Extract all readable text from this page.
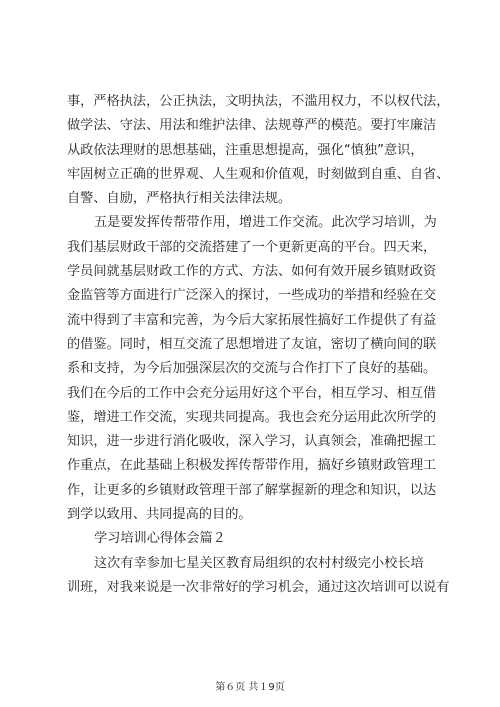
事，严格执法，公正执法，文明执法，不滥用权力，不以权代法，
做学法、守法、用法和维护法律、法规尊严的模范。要打牢廉洁
从政依法理财的思想基础，注重思想提高，强化“慎独”意识，
牢固树立正确的世界观、人生观和价值观，时刻做到自重、自省、
自警、自励，严格执行相关法律法规。
五是要发挥传帮带作用，增进工作交流。此次学习培训，为
我们基层财政干部的交流搭建了一个更新更高的平台。四天来，
学员间就基层财政工作的方式、方法、如何有效开展乡镇财政资
金监管等方面进行广泛深入的探讨，一些成功的举措和经验在交
流中得到了丰富和完善，为今后大家拓展性搞好工作提供了有益
的借鉴。同时，相互交流了思想增进了友谊，密切了横向间的联
系和支持，为今后加强深层次的交流与合作打下了良好的基础。
我们在今后的工作中会充分运用好这个平台，相互学习、相互借
鉴，增进工作交流，实现共同提高。我也会充分运用此次所学的
知识，进一步进行消化吸收，深入学习，认真领会，准确把握工
作重点，在此基础上积极发挥传帮带作用，搞好乡镇财政管理工
作，让更多的乡镇财政管理干部了解掌握新的理念和知识，以达
到学以致用、共同提高的目的。
学习培训心得体会篇２
这次有幸参加七星关区教育局组织的农村村级完小校长培
训班，对我来说是一次非常好的学习机会，通过这次培训可以说有
第６页 共１9页
